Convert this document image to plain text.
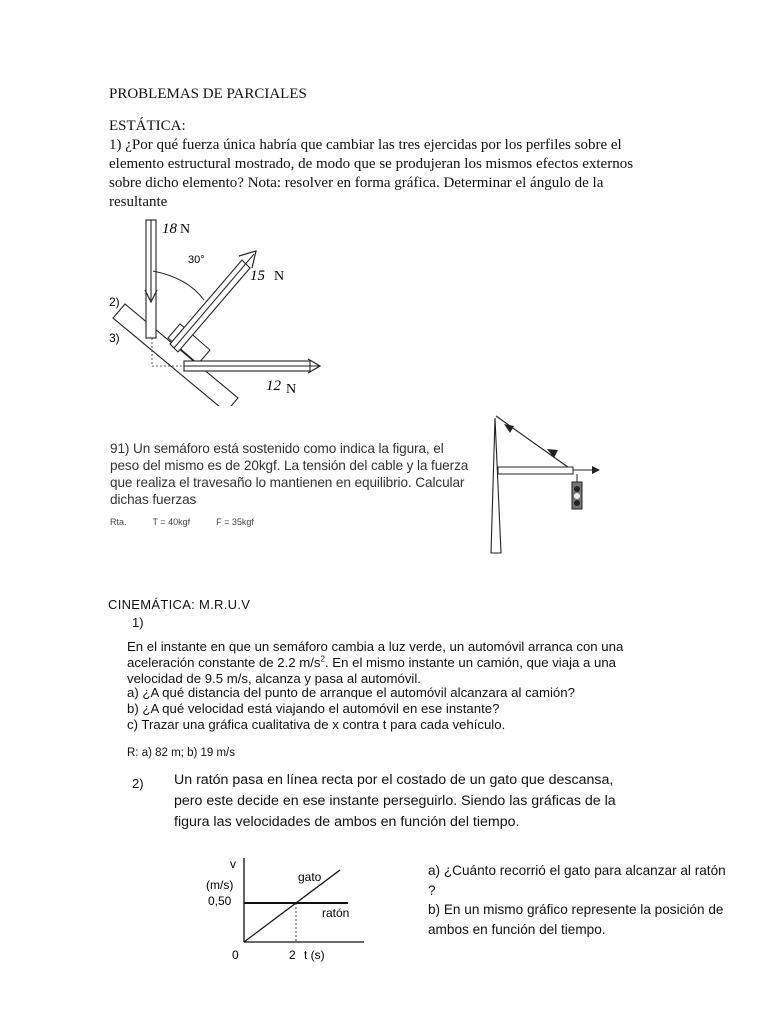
PROBLEMAS DE PARCIALES
ESTÁTICA:
1) ¿Por qué fuerza única habría que cambiar las tres ejercidas por los perfiles sobre el elemento estructural mostrado, de modo que se produjeran los mismos efectos externos sobre dicho elemento? Nota: resolver en forma gráfica. Determinar el ángulo de la resultante
18 N
30°
15 N
2)
3)
12 N
91) Un semáforo está sostenido como indica la figura, el peso del mismo es de 20kgf. La tensión del cable y la fuerza que realiza el travesaño lo mantienen en equilibrio. Calcular dichas fuerzas
Rta.	T = 40kgf	F = 35kgf
CINEMÁTICA: M.R.U.V
1)
En el instante en que un semáforo cambia a luz verde, un automóvil arranca con una aceleración constante de 2.2 $m/s^2$. En el mismo instante un camión, que viaja a una velocidad de 9.5 m/s, alcanza y pasa al automóvil.
a) ¿A qué distancia del punto de arranque el automóvil alcanzara al camión?
b) ¿A qué velocidad está viajando el automóvil en ese instante?
c) Trazar una gráfica cualitativa de x contra t para cada vehículo.
R: a) 82 m; b) 19 m/s
2) Un ratón pasa en línea recta por el costado de un gato que descansa, pero este decide en ese instante perseguirlo. Siendo las gráficas de la figura las velocidades de ambos en función del tiempo.
v
(m/s)
0,50
0	2 t (s)
gato
ratón
a) ¿Cuánto recorrió el gato para alcanzar al ratón ?
b) En un mismo gráfico represente la posición de ambos en función del tiempo.
